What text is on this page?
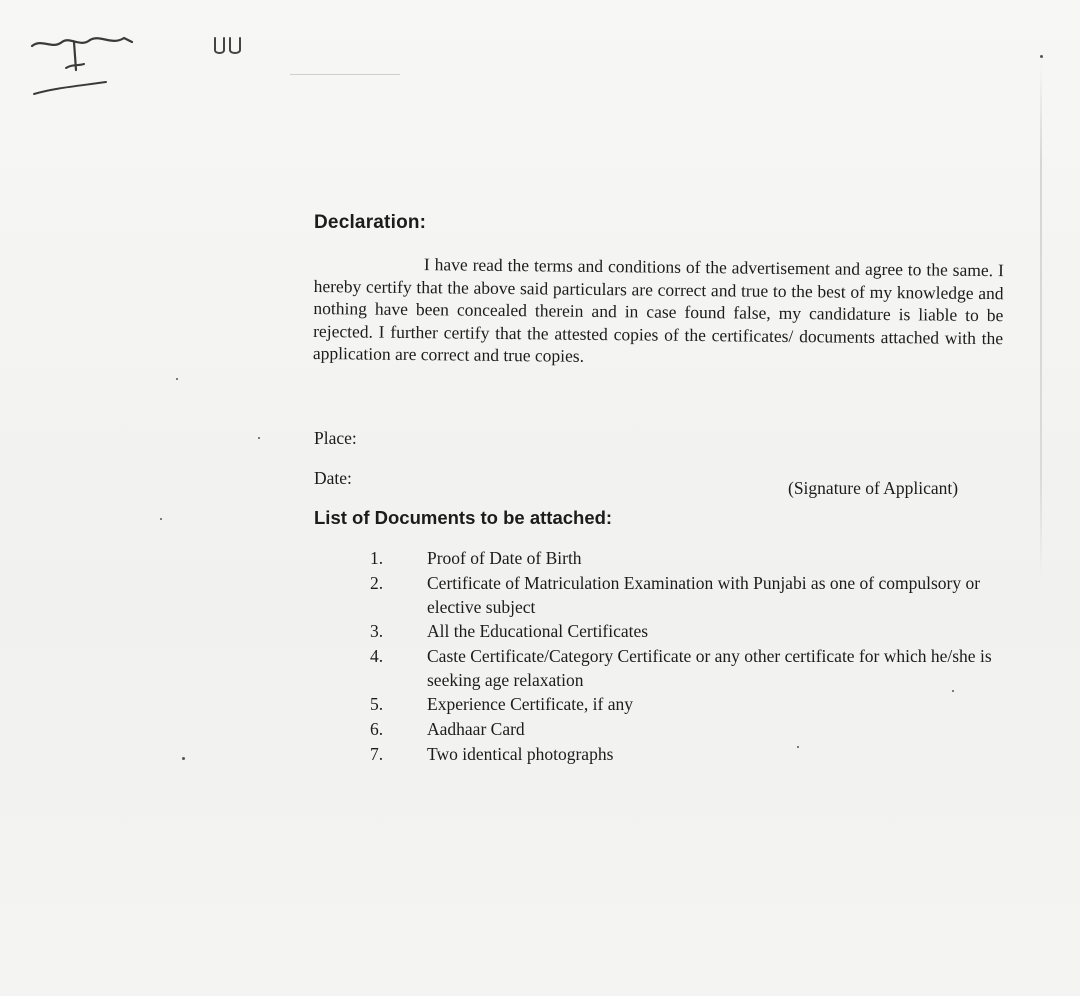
Declaration:

I have read the terms and conditions of the advertisement and agree to the same. I hereby certify that the above said particulars are correct and true to the best of my knowledge and nothing have been concealed therein and in case found false, my candidature is liable to be rejected. I further certify that the attested copies of the certificates/ documents attached with the application are correct and true copies.

Place:
Date:	(Signature of Applicant)
List of Documents to be attached:
1.	Proof of Date of Birth
2.	Certificate of Matriculation Examination with Punjabi as one of compulsory or elective subject
3.	All the Educational Certificates
4.	Caste Certificate/Category Certificate or any other certificate for which he/she is seeking age relaxation
5.	Experience Certificate, if any
6.	Aadhaar Card
7.	Two identical photographs
